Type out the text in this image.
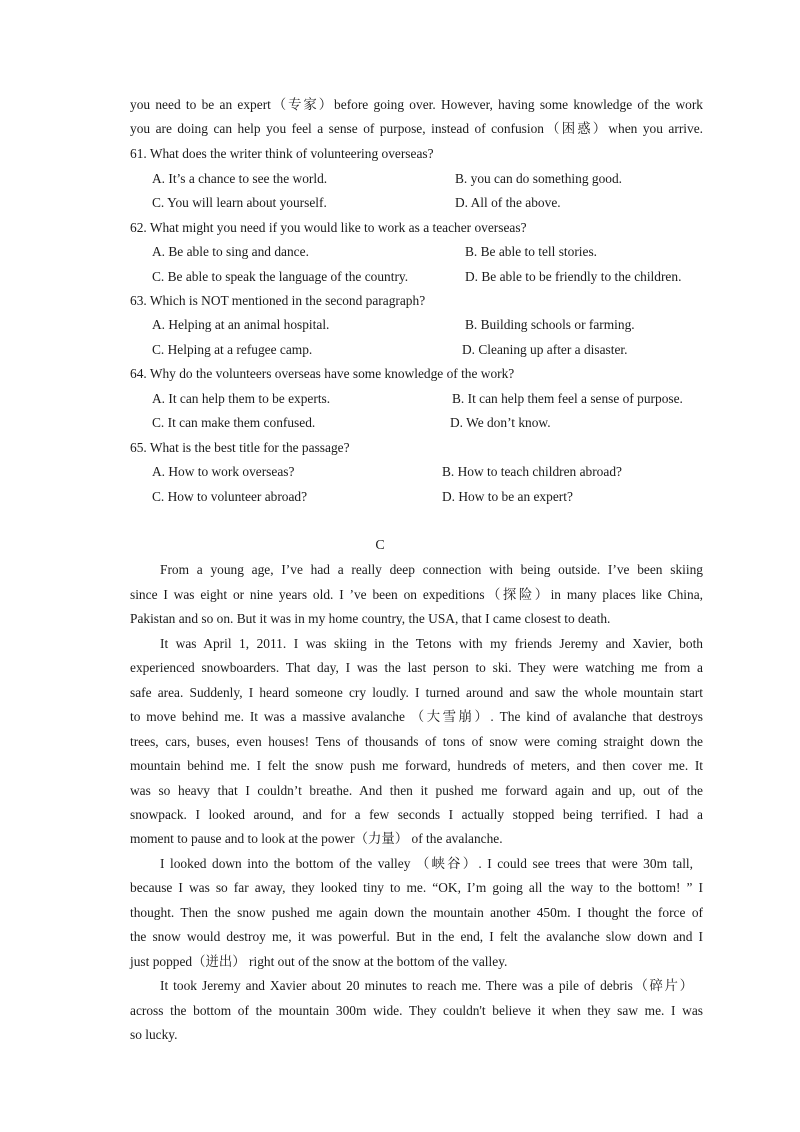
you need to be an expert（专家）before going over. However, having some knowledge of the work
you are doing can help you feel a sense of purpose, instead of confusion（困惑）when you arrive.
61. What does the writer think of volunteering overseas?
A. It’s a chance to see the world.	B. you can do something good.
C. You will learn about yourself.	D. All of the above.
62. What might you need if you would like to work as a teacher overseas?
A. Be able to sing and dance.	B. Be able to tell stories.
C. Be able to speak the language of the country.	D. Be able to be friendly to the children.
63. Which is NOT mentioned in the second paragraph?
A. Helping at an animal hospital.	B. Building schools or farming.
C. Helping at a refugee camp.	D. Cleaning up after a disaster.
64. Why do the volunteers overseas have some knowledge of the work?
A. It can help them to be experts.	B. It can help them feel a sense of purpose.
C. It can make them confused.	D. We don’t know.
65. What is the best title for the passage?
A. How to work overseas?	B. How to teach children abroad?
C. How to volunteer abroad?	D. How to be an expert?
C
From a young age, I’ve had a really deep connection with being outside. I’ve been skiing
since I was eight or nine years old. I ’ve been on expeditions（探险）in many places like China,
Pakistan and so on. But it was in my home country, the USA, that I came closest to death.
It was April 1, 2011. I was skiing in the Tetons with my friends Jeremy and Xavier, both
experienced snowboarders. That day, I was the last person to ski. They were watching me from a
safe area. Suddenly, I heard someone cry loudly. I turned around and saw the whole mountain start
to move behind me. It was a massive avalanche （大雪崩）. The kind of avalanche that destroys
trees, cars, buses, even houses! Tens of thousands of tons of snow were coming straight down the
mountain behind me. I felt the snow push me forward, hundreds of meters, and then cover me. It
was so heavy that I couldn’t breathe. And then it pushed me forward again and up, out of the
snowpack. I looked around, and for a few seconds I actually stopped being terrified. I had a
moment to pause and to look at the power（力量） of the avalanche.
I looked down into the bottom of the valley （峡谷）. I could see trees that were 30m tall,
because I was so far away, they looked tiny to me. “OK, I’m going all the way to the bottom! ” I
thought. Then the snow pushed me again down the mountain another 450m. I thought the force of
the snow would destroy me, it was powerful. But in the end, I felt the avalanche slow down and I
just popped（迸出） right out of the snow at the bottom of the valley.
It took Jeremy and Xavier about 20 minutes to reach me. There was a pile of debris（碎片）
across the bottom of the mountain 300m wide. They couldn't believe it when they saw me. I was
so lucky.
